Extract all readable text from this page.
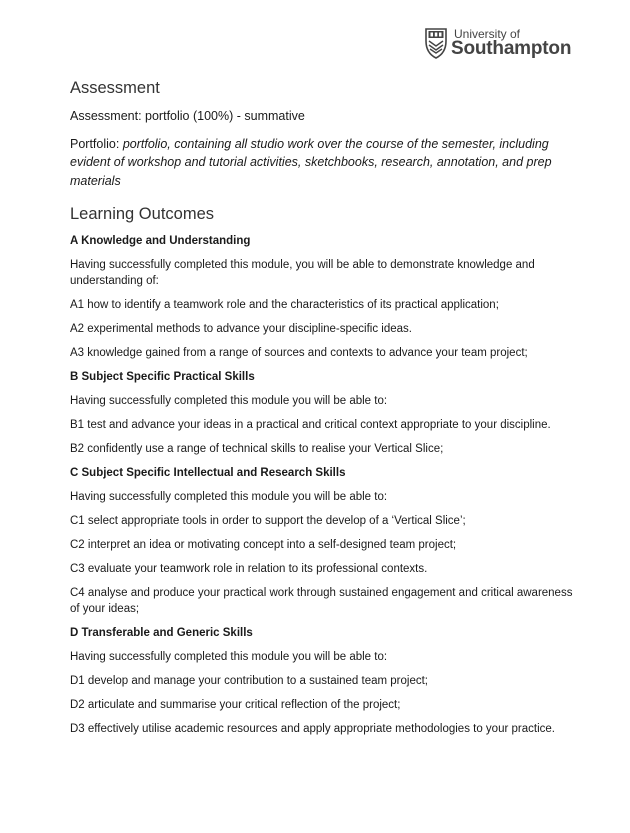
University of
Southampton
Assessment

Assessment: portfolio (100%) - summative

Portfolio: portfolio, containing all studio work over the course of the semester, including evident of workshop and tutorial activities, sketchbooks, research, annotation, and prep materials

Learning Outcomes

A Knowledge and Understanding

Having successfully completed this module, you will be able to demonstrate knowledge and understanding of:

A1 how to identify a teamwork role and the characteristics of its practical application;

A2 experimental methods to advance your discipline-specific ideas.

A3 knowledge gained from a range of sources and contexts to advance your team project;

B Subject Specific Practical Skills

Having successfully completed this module you will be able to:

B1 test and advance your ideas in a practical and critical context appropriate to your discipline.

B2 confidently use a range of technical skills to realise your Vertical Slice;

C Subject Specific Intellectual and Research Skills

Having successfully completed this module you will be able to:

C1 select appropriate tools in order to support the develop of a ‘Vertical Slice’;

C2 interpret an idea or motivating concept into a self-designed team project;

C3 evaluate your teamwork role in relation to its professional contexts.

C4 analyse and produce your practical work through sustained engagement and critical awareness of your ideas;

D Transferable and Generic Skills

Having successfully completed this module you will be able to:

D1 develop and manage your contribution to a sustained team project;

D2 articulate and summarise your critical reflection of the project;

D3 effectively utilise academic resources and apply appropriate methodologies to your practice.
